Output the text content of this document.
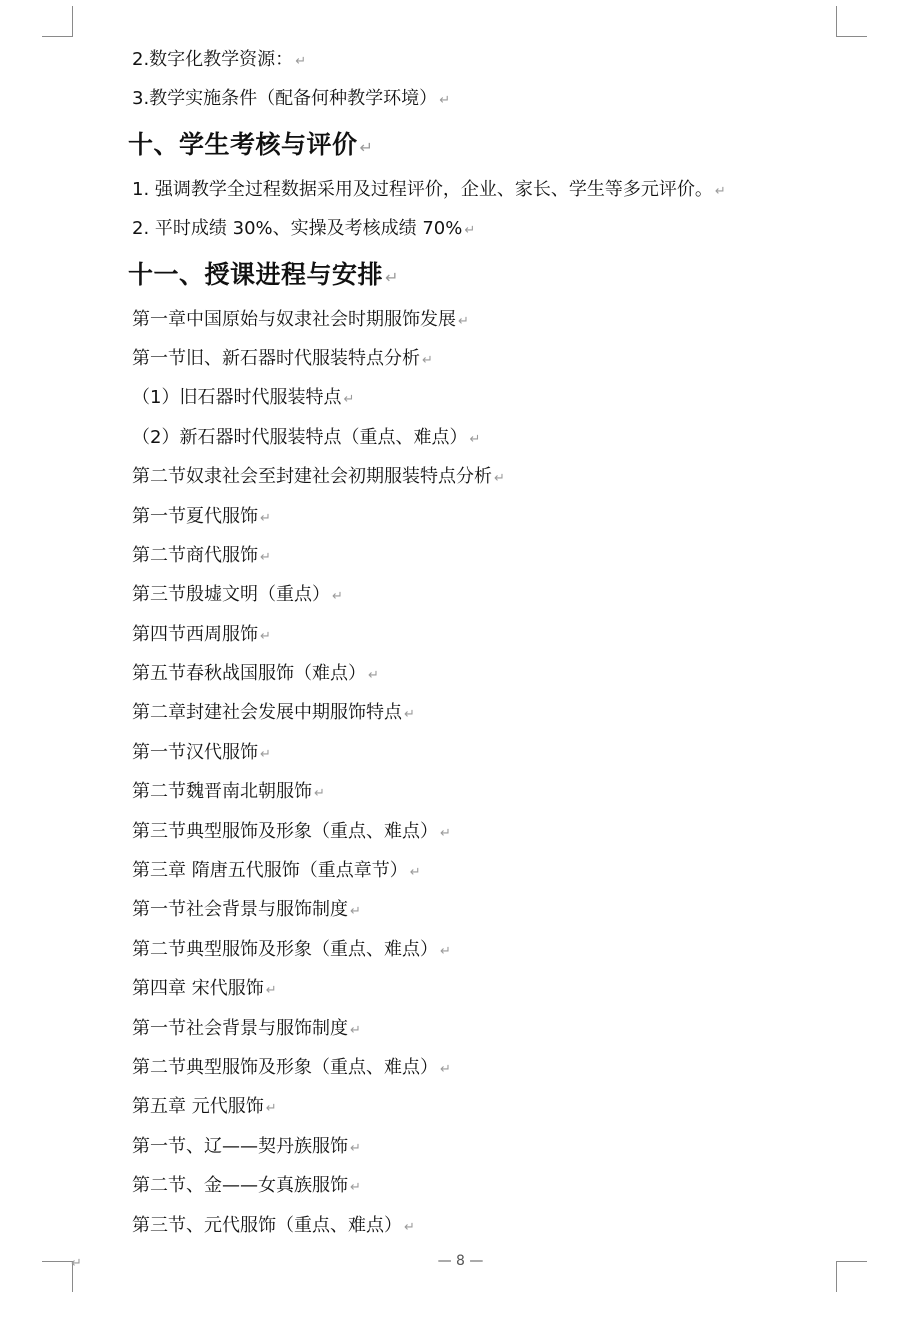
2.数字化教学资源： ↵
3.教学实施条件（配备何种教学环境） ↵
十、学生考核与评价 ↵
1. 强调教学全过程数据采用及过程评价，企业、家长、学生等多元评价。 ↵
2. 平时成绩 30%、实操及考核成绩 70% ↵
十一、授课进程与安排 ↵
第一章中国原始与奴隶社会时期服饰发展 ↵
第一节旧、新石器时代服装特点分析 ↵
（1）旧石器时代服装特点 ↵
（2）新石器时代服装特点（重点、难点） ↵
第二节奴隶社会至封建社会初期服装特点分析 ↵
第一节夏代服饰 ↵
第二节商代服饰 ↵
第三节殷墟文明（重点） ↵
第四节西周服饰 ↵
第五节春秋战国服饰（难点） ↵
第二章封建社会发展中期服饰特点 ↵
第一节汉代服饰 ↵
第二节魏晋南北朝服饰 ↵
第三节典型服饰及形象（重点、难点） ↵
第三章 隋唐五代服饰（重点章节） ↵
第一节社会背景与服饰制度 ↵
第二节典型服饰及形象（重点、难点） ↵
第四章 宋代服饰 ↵
第一节社会背景与服饰制度 ↵
第二节典型服饰及形象（重点、难点） ↵
第五章 元代服饰 ↵
第一节、辽——契丹族服饰 ↵
第二节、金——女真族服饰 ↵
第三节、元代服饰（重点、难点） ↵
↵	— 8 —
